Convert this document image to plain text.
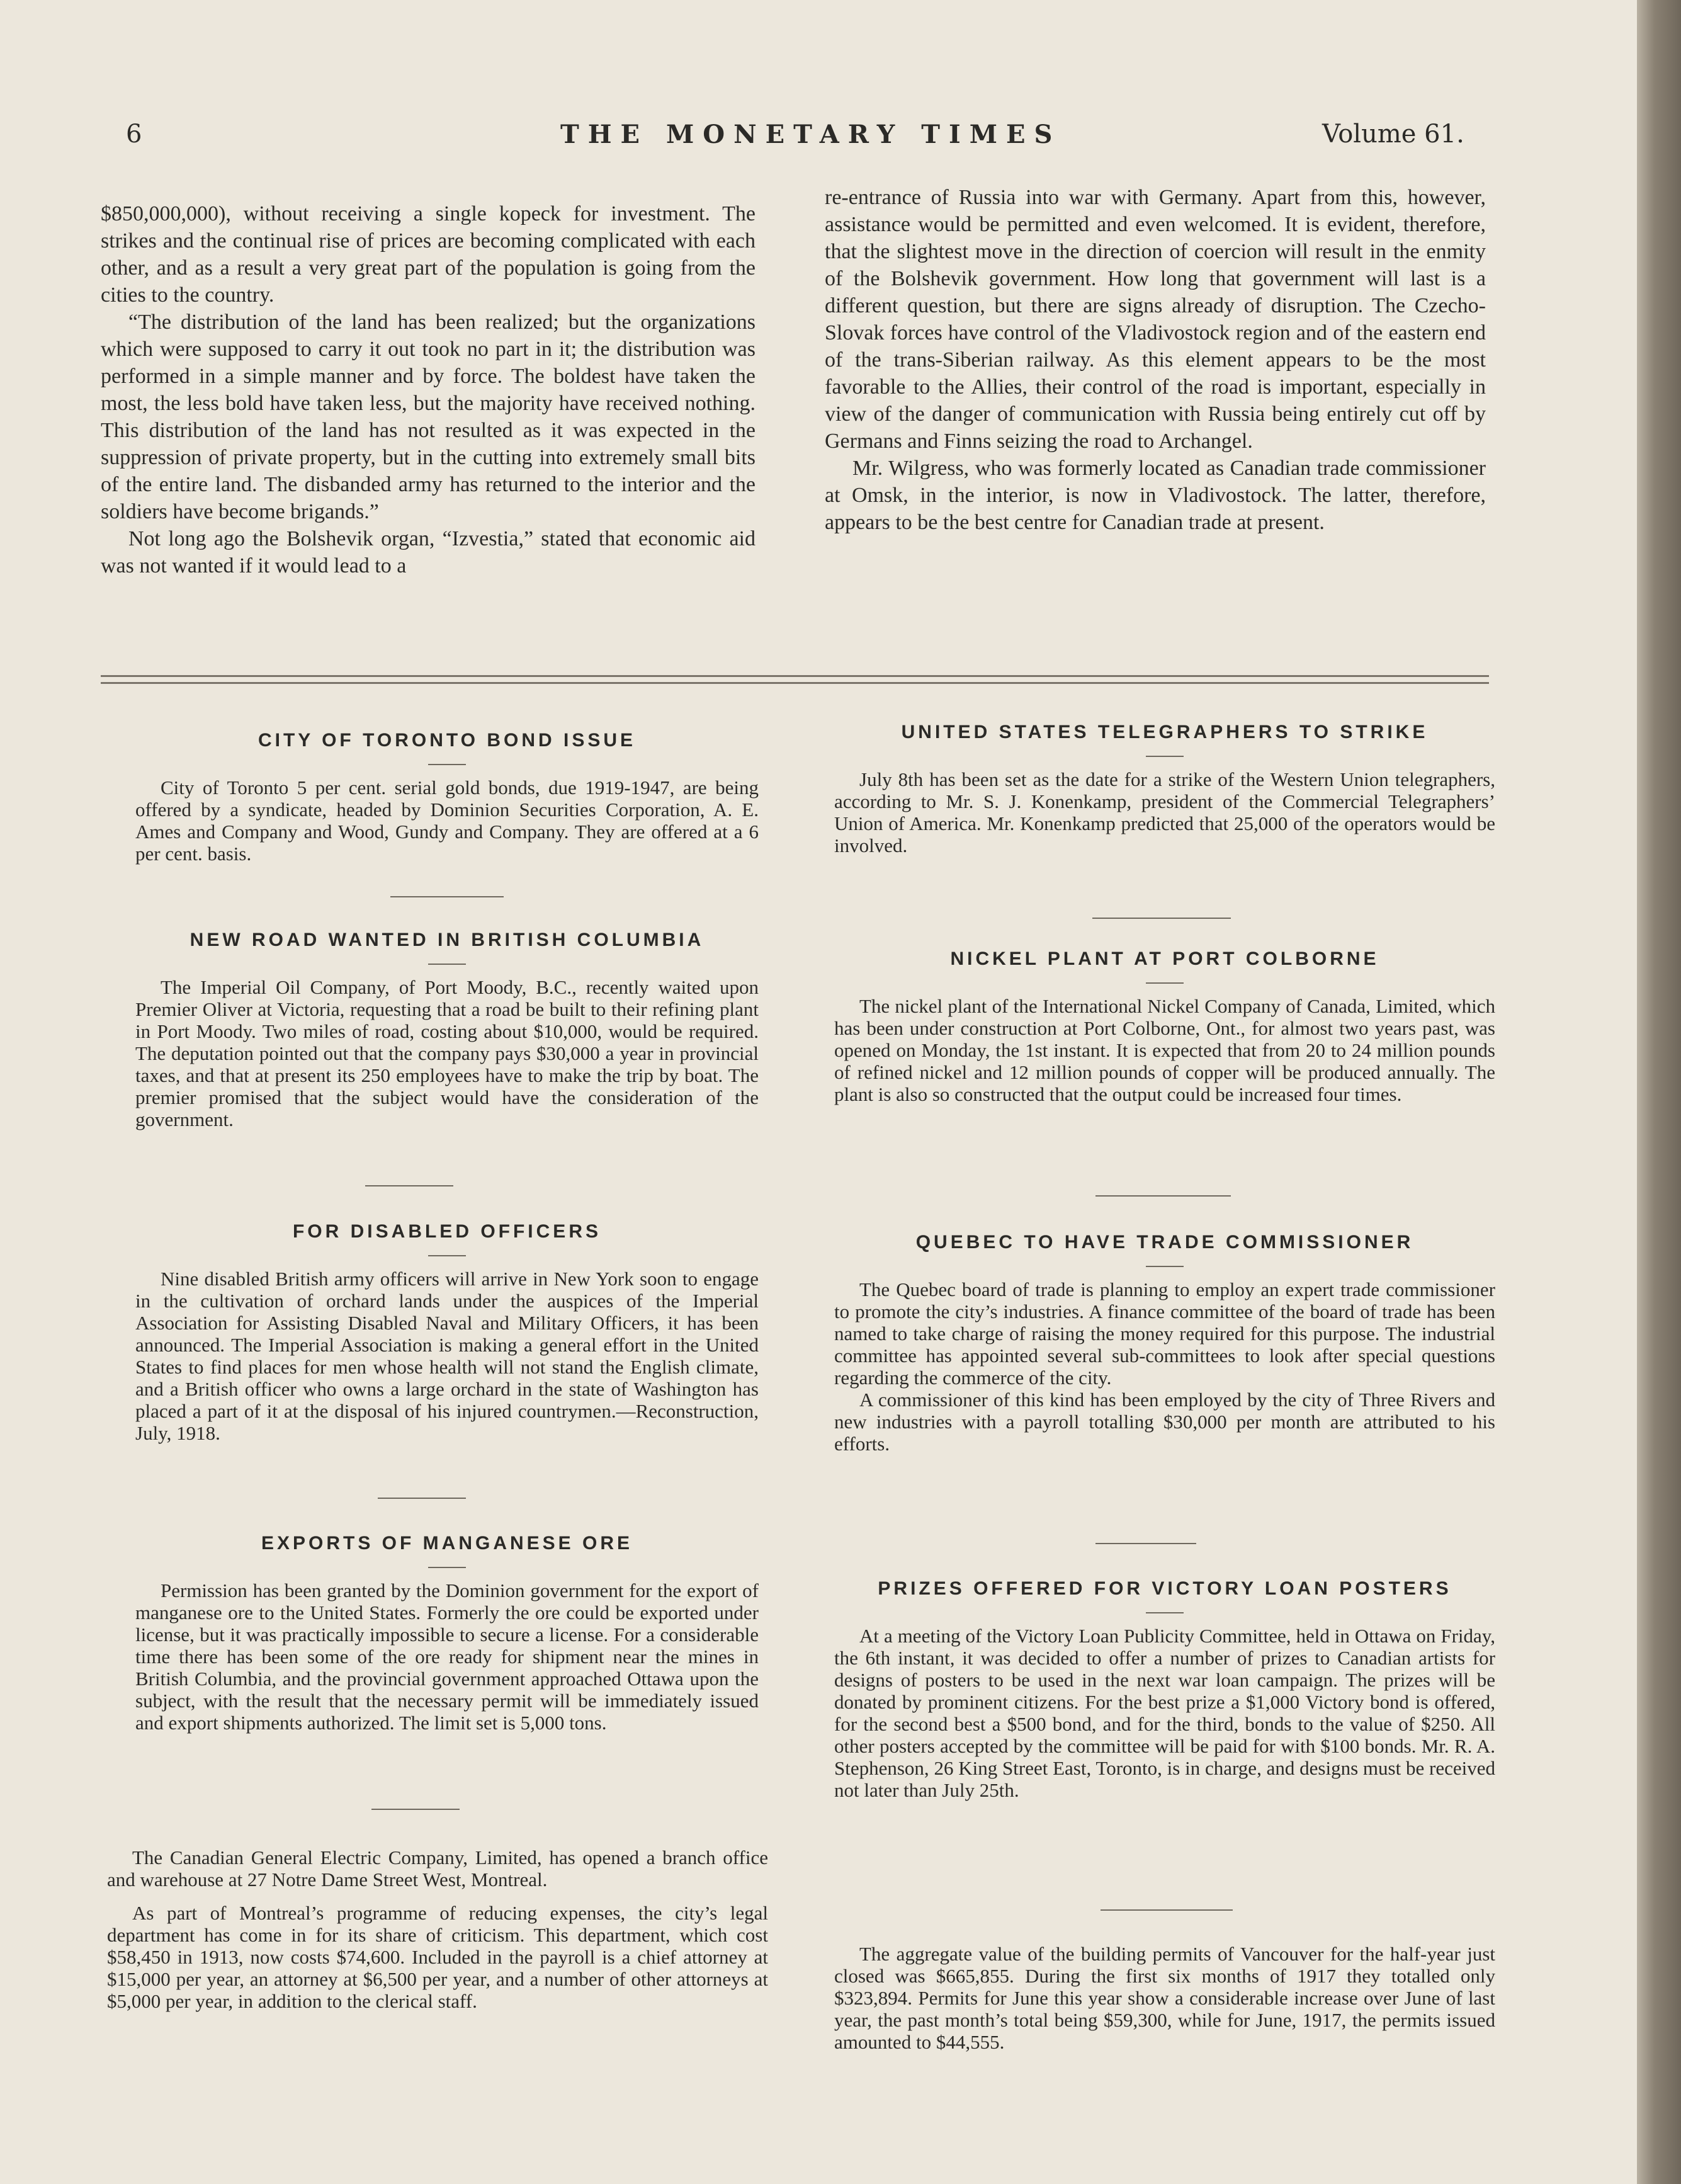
6	THE MONETARY TIMES	Volume 61.

$850,000,000), without receiving a single kopeck for investment. The strikes and the continual rise of prices are becoming complicated with each other, and as a result a very great part of the population is going from the cities to the country.

“The distribution of the land has been realized; but the organizations which were supposed to carry it out took no part in it; the distribution was performed in a simple manner and by force. The boldest have taken the most, the less bold have taken less, but the majority have received nothing. This distribution of the land has not resulted as it was expected in the suppression of private property, but in the cutting into extremely small bits of the entire land. The disbanded army has returned to the interior and the soldiers have become brigands.”

Not long ago the Bolshevik organ, “Izvestia,” stated that economic aid was not wanted if it would lead to a

re-entrance of Russia into war with Germany. Apart from this, however, assistance would be permitted and even welcomed. It is evident, therefore, that the slightest move in the direction of coercion will result in the enmity of the Bolshevik government. How long that government will last is a different question, but there are signs already of disruption. The Czecho-Slovak forces have control of the Vladivostock region and of the eastern end of the trans-Siberian railway. As this element appears to be the most favorable to the Allies, their control of the road is important, especially in view of the danger of communication with Russia being entirely cut off by Germans and Finns seizing the road to Archangel.

Mr. Wilgress, who was formerly located as Canadian trade commissioner at Omsk, in the interior, is now in Vladivostock. The latter, therefore, appears to be the best centre for Canadian trade at present.

CITY OF TORONTO BOND ISSUE

City of Toronto 5 per cent. serial gold bonds, due 1919-1947, are being offered by a syndicate, headed by Dominion Securities Corporation, A. E. Ames and Company and Wood, Gundy and Company. They are offered at a 6 per cent. basis.

NEW ROAD WANTED IN BRITISH COLUMBIA

The Imperial Oil Company, of Port Moody, B.C., recently waited upon Premier Oliver at Victoria, requesting that a road be built to their refining plant in Port Moody. Two miles of road, costing about $10,000, would be required. The deputation pointed out that the company pays $30,000 a year in provincial taxes, and that at present its 250 employees have to make the trip by boat. The premier promised that the subject would have the consideration of the government.

FOR DISABLED OFFICERS

Nine disabled British army officers will arrive in New York soon to engage in the cultivation of orchard lands under the auspices of the Imperial Association for Assisting Disabled Naval and Military Officers, it has been announced. The Imperial Association is making a general effort in the United States to find places for men whose health will not stand the English climate, and a British officer who owns a large orchard in the state of Washington has placed a part of it at the disposal of his injured countrymen.—Reconstruction, July, 1918.

EXPORTS OF MANGANESE ORE

Permission has been granted by the Dominion government for the export of manganese ore to the United States. Formerly the ore could be exported under license, but it was practically impossible to secure a license. For a considerable time there has been some of the ore ready for shipment near the mines in British Columbia, and the provincial government approached Ottawa upon the subject, with the result that the necessary permit will be immediately issued and export shipments authorized. The limit set is 5,000 tons.

The Canadian General Electric Company, Limited, has opened a branch office and warehouse at 27 Notre Dame Street West, Montreal.

As part of Montreal’s programme of reducing expenses, the city’s legal department has come in for its share of criticism. This department, which cost $58,450 in 1913, now costs $74,600. Included in the payroll is a chief attorney at $15,000 per year, an attorney at $6,500 per year, and a number of other attorneys at $5,000 per year, in addition to the clerical staff.

UNITED STATES TELEGRAPHERS TO STRIKE

July 8th has been set as the date for a strike of the Western Union telegraphers, according to Mr. S. J. Konenkamp, president of the Commercial Telegraphers’ Union of America. Mr. Konenkamp predicted that 25,000 of the operators would be involved.

NICKEL PLANT AT PORT COLBORNE

The nickel plant of the International Nickel Company of Canada, Limited, which has been under construction at Port Colborne, Ont., for almost two years past, was opened on Monday, the 1st instant. It is expected that from 20 to 24 million pounds of refined nickel and 12 million pounds of copper will be produced annually. The plant is also so constructed that the output could be increased four times.

QUEBEC TO HAVE TRADE COMMISSIONER

The Quebec board of trade is planning to employ an expert trade commissioner to promote the city’s industries. A finance committee of the board of trade has been named to take charge of raising the money required for this purpose. The industrial committee has appointed several sub-committees to look after special questions regarding the commerce of the city.

A commissioner of this kind has been employed by the city of Three Rivers and new industries with a payroll totalling $30,000 per month are attributed to his efforts.

PRIZES OFFERED FOR VICTORY LOAN POSTERS

At a meeting of the Victory Loan Publicity Committee, held in Ottawa on Friday, the 6th instant, it was decided to offer a number of prizes to Canadian artists for designs of posters to be used in the next war loan campaign. The prizes will be donated by prominent citizens. For the best prize a $1,000 Victory bond is offered, for the second best a $500 bond, and for the third, bonds to the value of $250. All other posters accepted by the committee will be paid for with $100 bonds. Mr. R. A. Stephenson, 26 King Street East, Toronto, is in charge, and designs must be received not later than July 25th.

The aggregate value of the building permits of Vancouver for the half-year just closed was $665,855. During the first six months of 1917 they totalled only $323,894. Permits for June this year show a considerable increase over June of last year, the past month’s total being $59,300, while for June, 1917, the permits issued amounted to $44,555.
